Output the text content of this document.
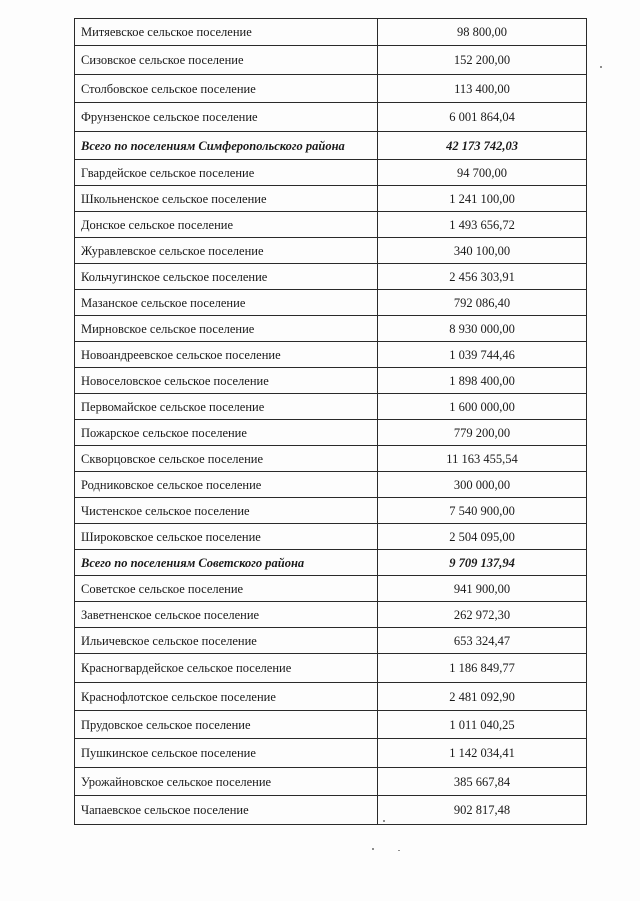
Митяевское сельское поселение	98 800,00
Сизовское сельское поселение	152 200,00
Столбовское сельское поселение	113 400,00
Фрунзенское сельское поселение	6 001 864,04
Всего по поселениям Симферопольского района	42 173 742,03
Гвардейское сельское поселение	94 700,00
Школьненское сельское поселение	1 241 100,00
Донское сельское поселение	1 493 656,72
Журавлевское сельское поселение	340 100,00
Кольчугинское сельское поселение	2 456 303,91
Мазанское сельское поселение	792 086,40
Мирновское сельское поселение	8 930 000,00
Новоандреевское сельское поселение	1 039 744,46
Новоселовское сельское поселение	1 898 400,00
Первомайское сельское поселение	1 600 000,00
Пожарское сельское поселение	779 200,00
Скворцовское сельское поселение	11 163 455,54
Родниковское сельское поселение	300 000,00
Чистенское сельское поселение	7 540 900,00
Широковское сельское поселение	2 504 095,00
Всего по поселениям Советского района	9 709 137,94
Советское сельское поселение	941 900,00
Заветненское сельское поселение	262 972,30
Ильичевское сельское поселение	653 324,47
Красногвардейское сельское поселение	1 186 849,77
Краснофлотское сельское поселение	2 481 092,90
Прудовское сельское поселение	1 011 040,25
Пушкинское сельское поселение	1 142 034,41
Урожайновское сельское поселение	385 667,84
Чапаевское сельское поселение	902 817,48
